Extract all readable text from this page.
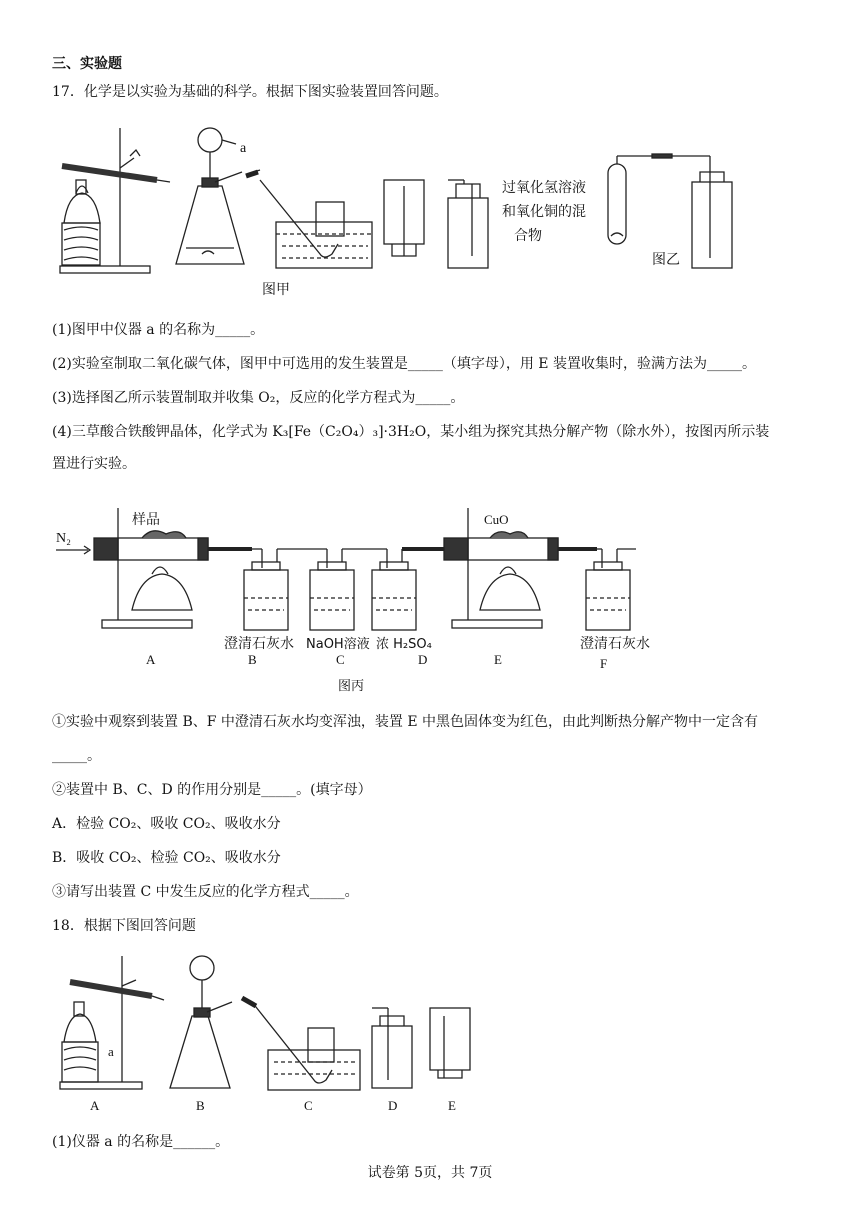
三、实验题
17．化学是以实验为基础的科学。根据下图实验装置回答问题。
a
过氧化氢溶液
和氧化铜的混
合物
图乙
图甲
(1)图甲中仪器 a 的名称为_____。
(2)实验室制取二氧化碳气体，图甲中可选用的发生装置是_____（填字母），用 E 装置收集时，验满方法为_____。
(3)选择图乙所示装置制取并收集 O₂，反应的化学方程式为_____。
(4)三草酸合铁酸钾晶体，化学式为 K₃[Fe（C₂O₄）₃]·3H₂O，某小组为探究其热分解产物（除水外），按图丙所示装
置进行实验。
N₂
样品	CuO
澄清石灰水 NaOH溶液 浓 H₂SO₄	澄清石灰水
A	B	C	D	E	F
图丙
①实验中观察到装置 B、F 中澄清石灰水均变浑浊，装置 E 中黑色固体变为红色，由此判断热分解产物中一定含有
_____。
②装置中 B、C、D 的作用分别是_____。(填字母）
A．检验 CO₂、吸收 CO₂、吸收水分
B．吸收 CO₂、检验 CO₂、吸收水分
③请写出装置 C 中发生反应的化学方程式_____。
18．根据下图回答问题
a
A	B	C	D	E
(1)仪器 a 的名称是______。
试卷第 5页，共 7页
